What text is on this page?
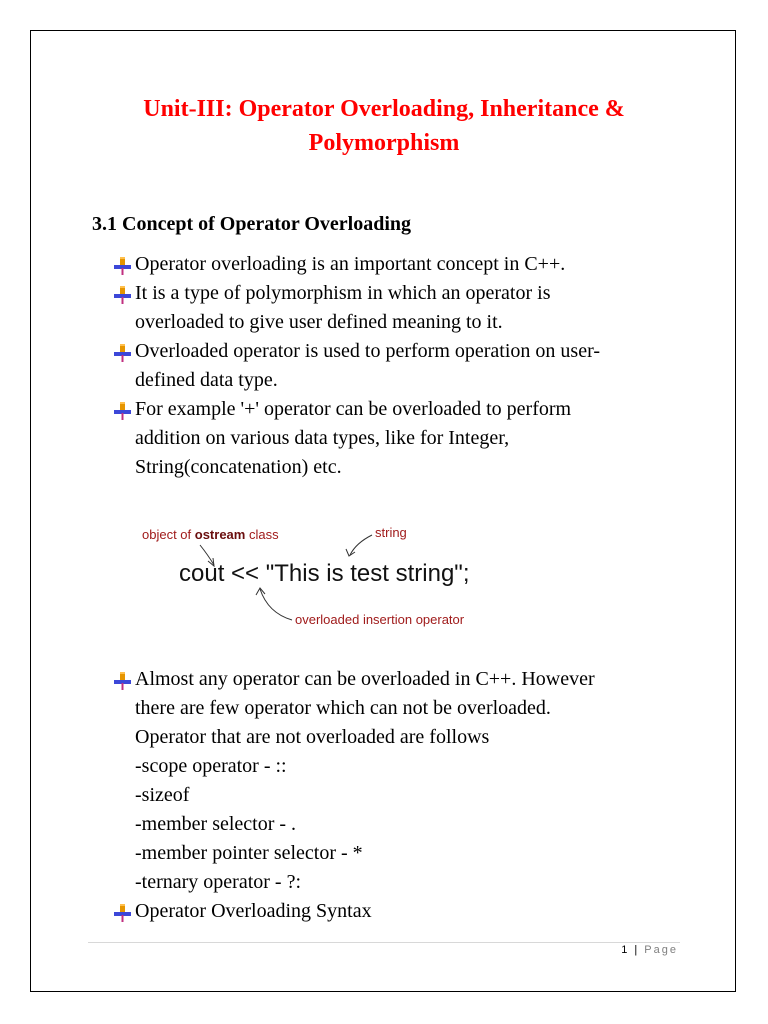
Unit-III: Operator Overloading, Inheritance &
Polymorphism
3.1 Concept of Operator Overloading
Operator overloading is an important concept in C++.
It is a type of polymorphism in which an operator is
overloaded to give user defined meaning to it.
Overloaded operator is used to perform operation on user-
defined data type.
For example '+' operator can be overloaded to perform
addition on various data types, like for Integer,
String(concatenation) etc.
object of ostream class	string
cout << "This is test string";
overloaded insertion operator
Almost any operator can be overloaded in C++. However
there are few operator which can not be overloaded.
Operator that are not overloaded are follows
-scope operator - ::
-sizeof
-member selector - .
-member pointer selector - *
-ternary operator - ?:
Operator Overloading Syntax
1 | Page
